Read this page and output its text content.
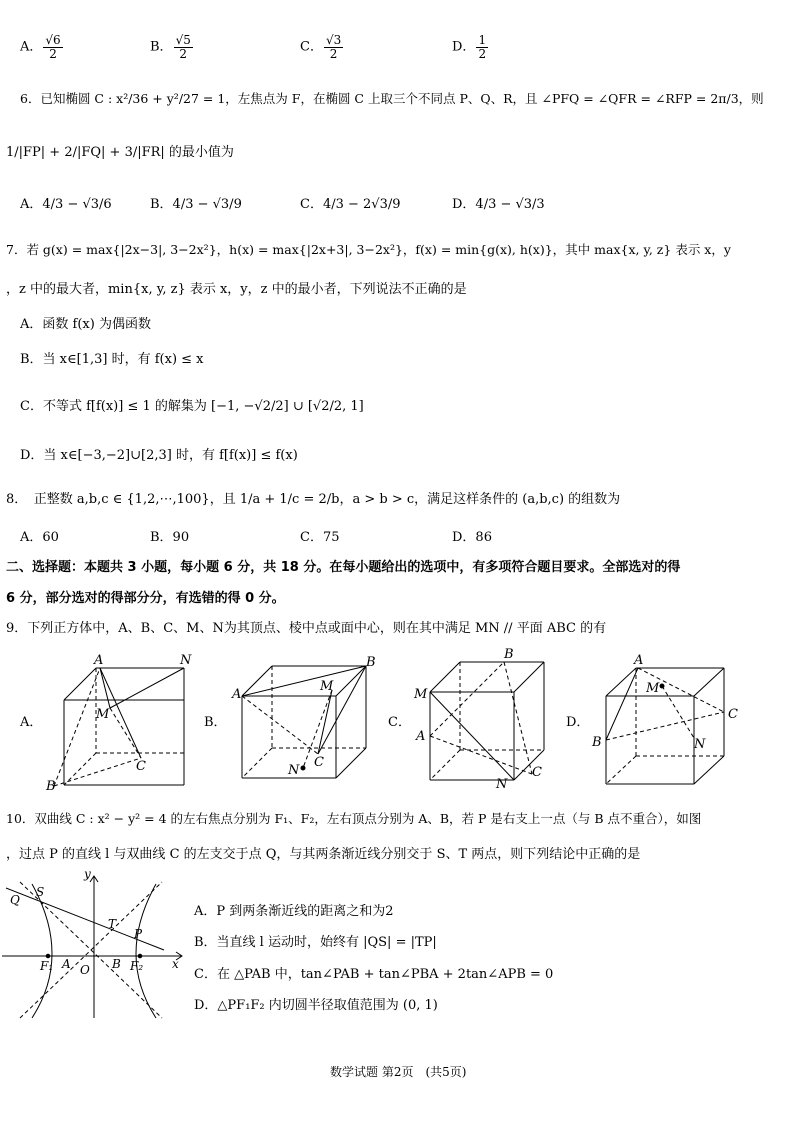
A． $\frac{√6}{2}$	B． $\frac{√5}{2}$	C． $\frac{√3}{2}$	D． $\frac{1}{2}$
6．已知椭圆 C : x²/36 + y²/27 = 1，左焦点为 F，在椭圆 C 上取三个不同点 P、Q、R，且 ∠PFQ = ∠QFR = ∠RFP = 2π/3，则
1/|FP| + 2/|FQ| + 3/|FR| 的最小值为
A．4/3 − √3/6	B．4/3 − √3/9	C．4/3 − 2√3/9	D．4/3 − √3/3
7．若 g(x) = max{|2x−3|, 3−2x²}，h(x) = max{|2x+3|, 3−2x²}，f(x) = min{g(x), h(x)}，其中 max{x, y, z} 表示 x，y
，z 中的最大者，min{x, y, z} 表示 x，y，z 中的最小者，下列说法不正确的是
A．函数 f(x) 为偶函数
B．当 x∈[1,3] 时，有 f(x) ≤ x
C．不等式 f[f(x)] ≤ 1 的解集为 [−1, −√2/2] ∪ [√2/2, 1]
D．当 x∈[−3,−2]∪[2,3] 时，有 f[f(x)] ≤ f(x)
8．　正整数 a,b,c ∈ {1,2,⋯,100}，且 1/a + 1/c = 2/b，a > b > c，满足这样条件的 (a,b,c) 的组数为
A．60	B．90	C．75	D．86
二、选择题：本题共 3 小题，每小题 6 分，共 18 分。在每小题给出的选项中，有多项符合题目要求。全部选对的得
6 分，部分选对的得部分分，有选错的得 0 分。
9．下列正方体中，A、B、C、M、N为其顶点、棱中点或面中心，则在其中满足 MN // 平面 ABC 的有
A．	B．	C．	D．
A	N
M
C
B
A
B
M
C
N
B
M
A
N
C
A
M
C
B	N
10．双曲线 C : x² − y² = 4 的左右焦点分别为 F₁、F₂，左右顶点分别为 A、B，若 P 是右支上一点（与 B 点不重合），如图
，过点 P 的直线 l 与双曲线 C 的左支交于点 Q，与其两条渐近线分别交于 S、T 两点，则下列结论中正确的是
S
Q
y
T
P
F₁ A O B F₂ x
A．P 到两条渐近线的距离之和为2
B．当直线 l 运动时，始终有 |QS| = |TP|
C．在 △PAB 中，tan∠PAB + tan∠PBA + 2tan∠APB = 0
D．△PF₁F₂ 内切圆半径取值范围为 (0, 1)
数学试题 第2页　(共5页)
